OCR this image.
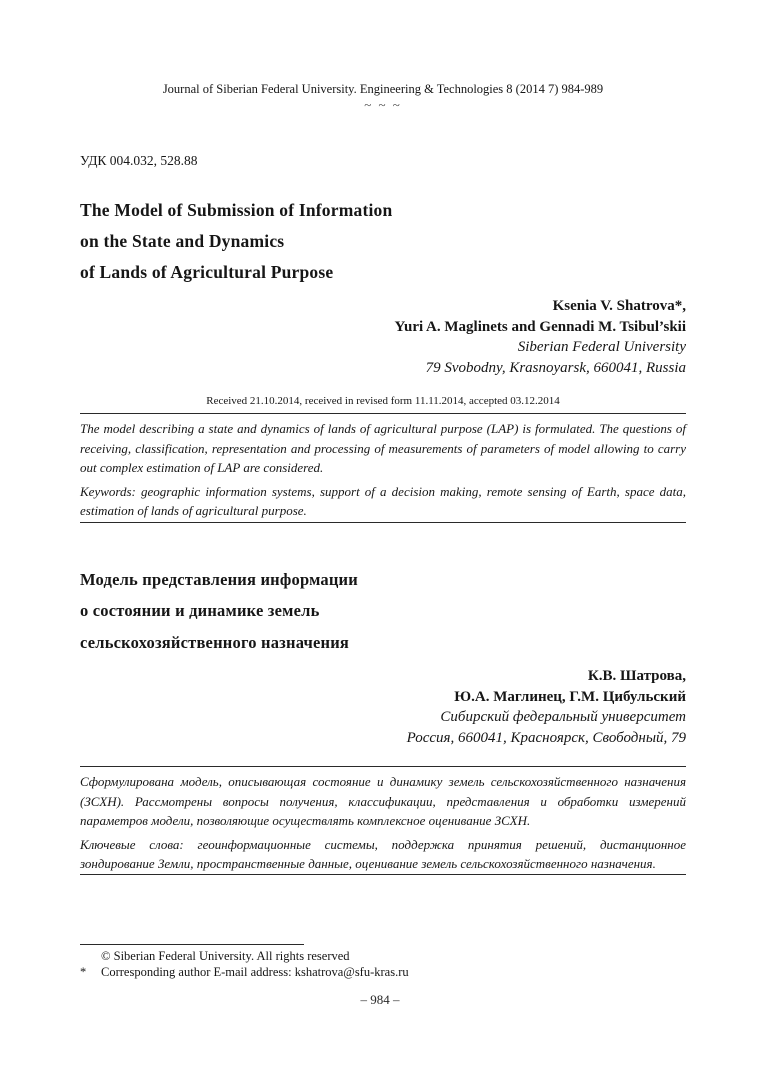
Journal of Siberian Federal University. Engineering & Technologies 8 (2014 7) 984-989
~ ~ ~
УДК 004.032, 528.88
The Model of Submission of Information
on the State and Dynamics
of Lands of Agricultural Purpose
Ksenia V. Shatrova*,
Yuri A. Maglinets and Gennadi M. Tsibul’skii
Siberian Federal University
79 Svobodny, Krasnoyarsk, 660041, Russia
Received 21.10.2014, received in revised form 11.11.2014, accepted 03.12.2014
The model describing a state and dynamics of lands of agricultural purpose (LAP) is formulated. The questions of receiving, classification, representation and processing of measurements of parameters of model allowing to carry out complex estimation of LAP are considered.
Keywords: geographic information systems, support of a decision making, remote sensing of Earth, space data, estimation of lands of agricultural purpose.
Модель представления информации
о состоянии и динамике земель
сельскохозяйственного назначения
К.В. Шатрова,
Ю.А. Маглинец, Г.М. Цибульский
Сибирский федеральный университет
Россия, 660041, Красноярск, Свободный, 79
Сформулирована модель, описывающая состояние и динамику земель сельскохозяйственного назначения (ЗСХН). Рассмотрены вопросы получения, классификации, представления и обработки измерений параметров модели, позволяющие осуществлять комплексное оценивание ЗСХН.
Ключевые слова: геоинформационные системы, поддержка принятия решений, дистанционное зондирование Земли, пространственные данные, оценивание земель сельскохозяйственного назначения.
© Siberian Federal University. All rights reserved
* Corresponding author E-mail address: kshatrova@sfu-kras.ru
– 984 –
